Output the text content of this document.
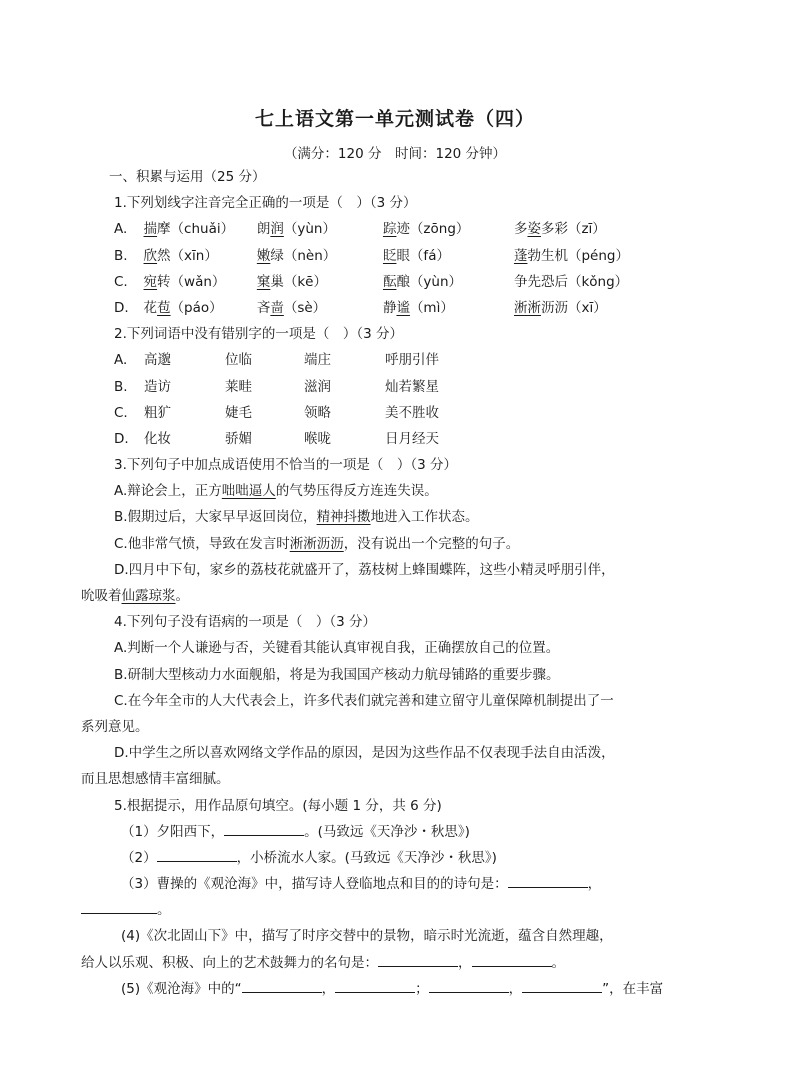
七上语文第一单元测试卷（四）
（满分：120 分　时间：120 分钟）
一、积累与运用（25 分）
1.下列划线字注音完全正确的一项是（　）（3 分）
A.	揣摩（chuǎi）	朗润（yùn）	踪迹（zōng）	多姿多彩（zī）
B.	欣然（xīn）	嫩绿（nèn）	眨眼（fá）	蓬勃生机（péng）
C.	宛转（wǎn）	窠巢（kē）	酝酿（yùn）	争先恐后（kǒng）
D.	花苞（páo）	吝啬（sè）	静谧（mì）	淅淅沥沥（xī）
2.下列词语中没有错别字的一项是（　）（3 分）
A.	高邈	位临	端庄	呼朋引伴
B.	造访	莱畦	滋润	灿若繁星
C.	粗犷	婕毛	领略	美不胜收
D.	化妆	骄媚	喉咙	日月经天
3.下列句子中加点成语使用不恰当的一项是（　）（3 分）
A.辩论会上，正方咄咄逼人的气势压得反方连连失误。
B.假期过后，大家早早返回岗位，精神抖擞地进入工作状态。
C.他非常气愤，导致在发言时淅淅沥沥，没有说出一个完整的句子。
D.四月中下旬，家乡的荔枝花就盛开了，荔枝树上蜂围蝶阵，这些小精灵呼朋引伴，
吮吸着仙露琼浆。
4.下列句子没有语病的一项是（　）（3 分）
A.判断一个人谦逊与否，关键看其能认真审视自我，正确摆放自己的位置。
B.研制大型核动力水面舰船，将是为我国国产核动力航母铺路的重要步骤。
C.在今年全市的人大代表会上，许多代表们就完善和建立留守儿童保障机制提出了一
系列意见。
D.中学生之所以喜欢网络文学作品的原因，是因为这些作品不仅表现手法自由活泼，
而且思想感情丰富细腻。
5.根据提示，用作品原句填空。(每小题 1 分，共 6 分)
（1）夕阳西下，	。(马致远《天净沙・秋思》)
（2）	，小桥流水人家。(马致远《天净沙・秋思》)
（3）曹操的《观沧海》中，描写诗人登临地点和目的的诗句是：	，
。
(4)《次北固山下》中，描写了时序交替中的景物，暗示时光流逝，蕴含自然理趣，
给人以乐观、积极、向上的艺术鼓舞力的名句是：	，	。
(5)《观沧海》中的“	，	；	，	”，在丰富
